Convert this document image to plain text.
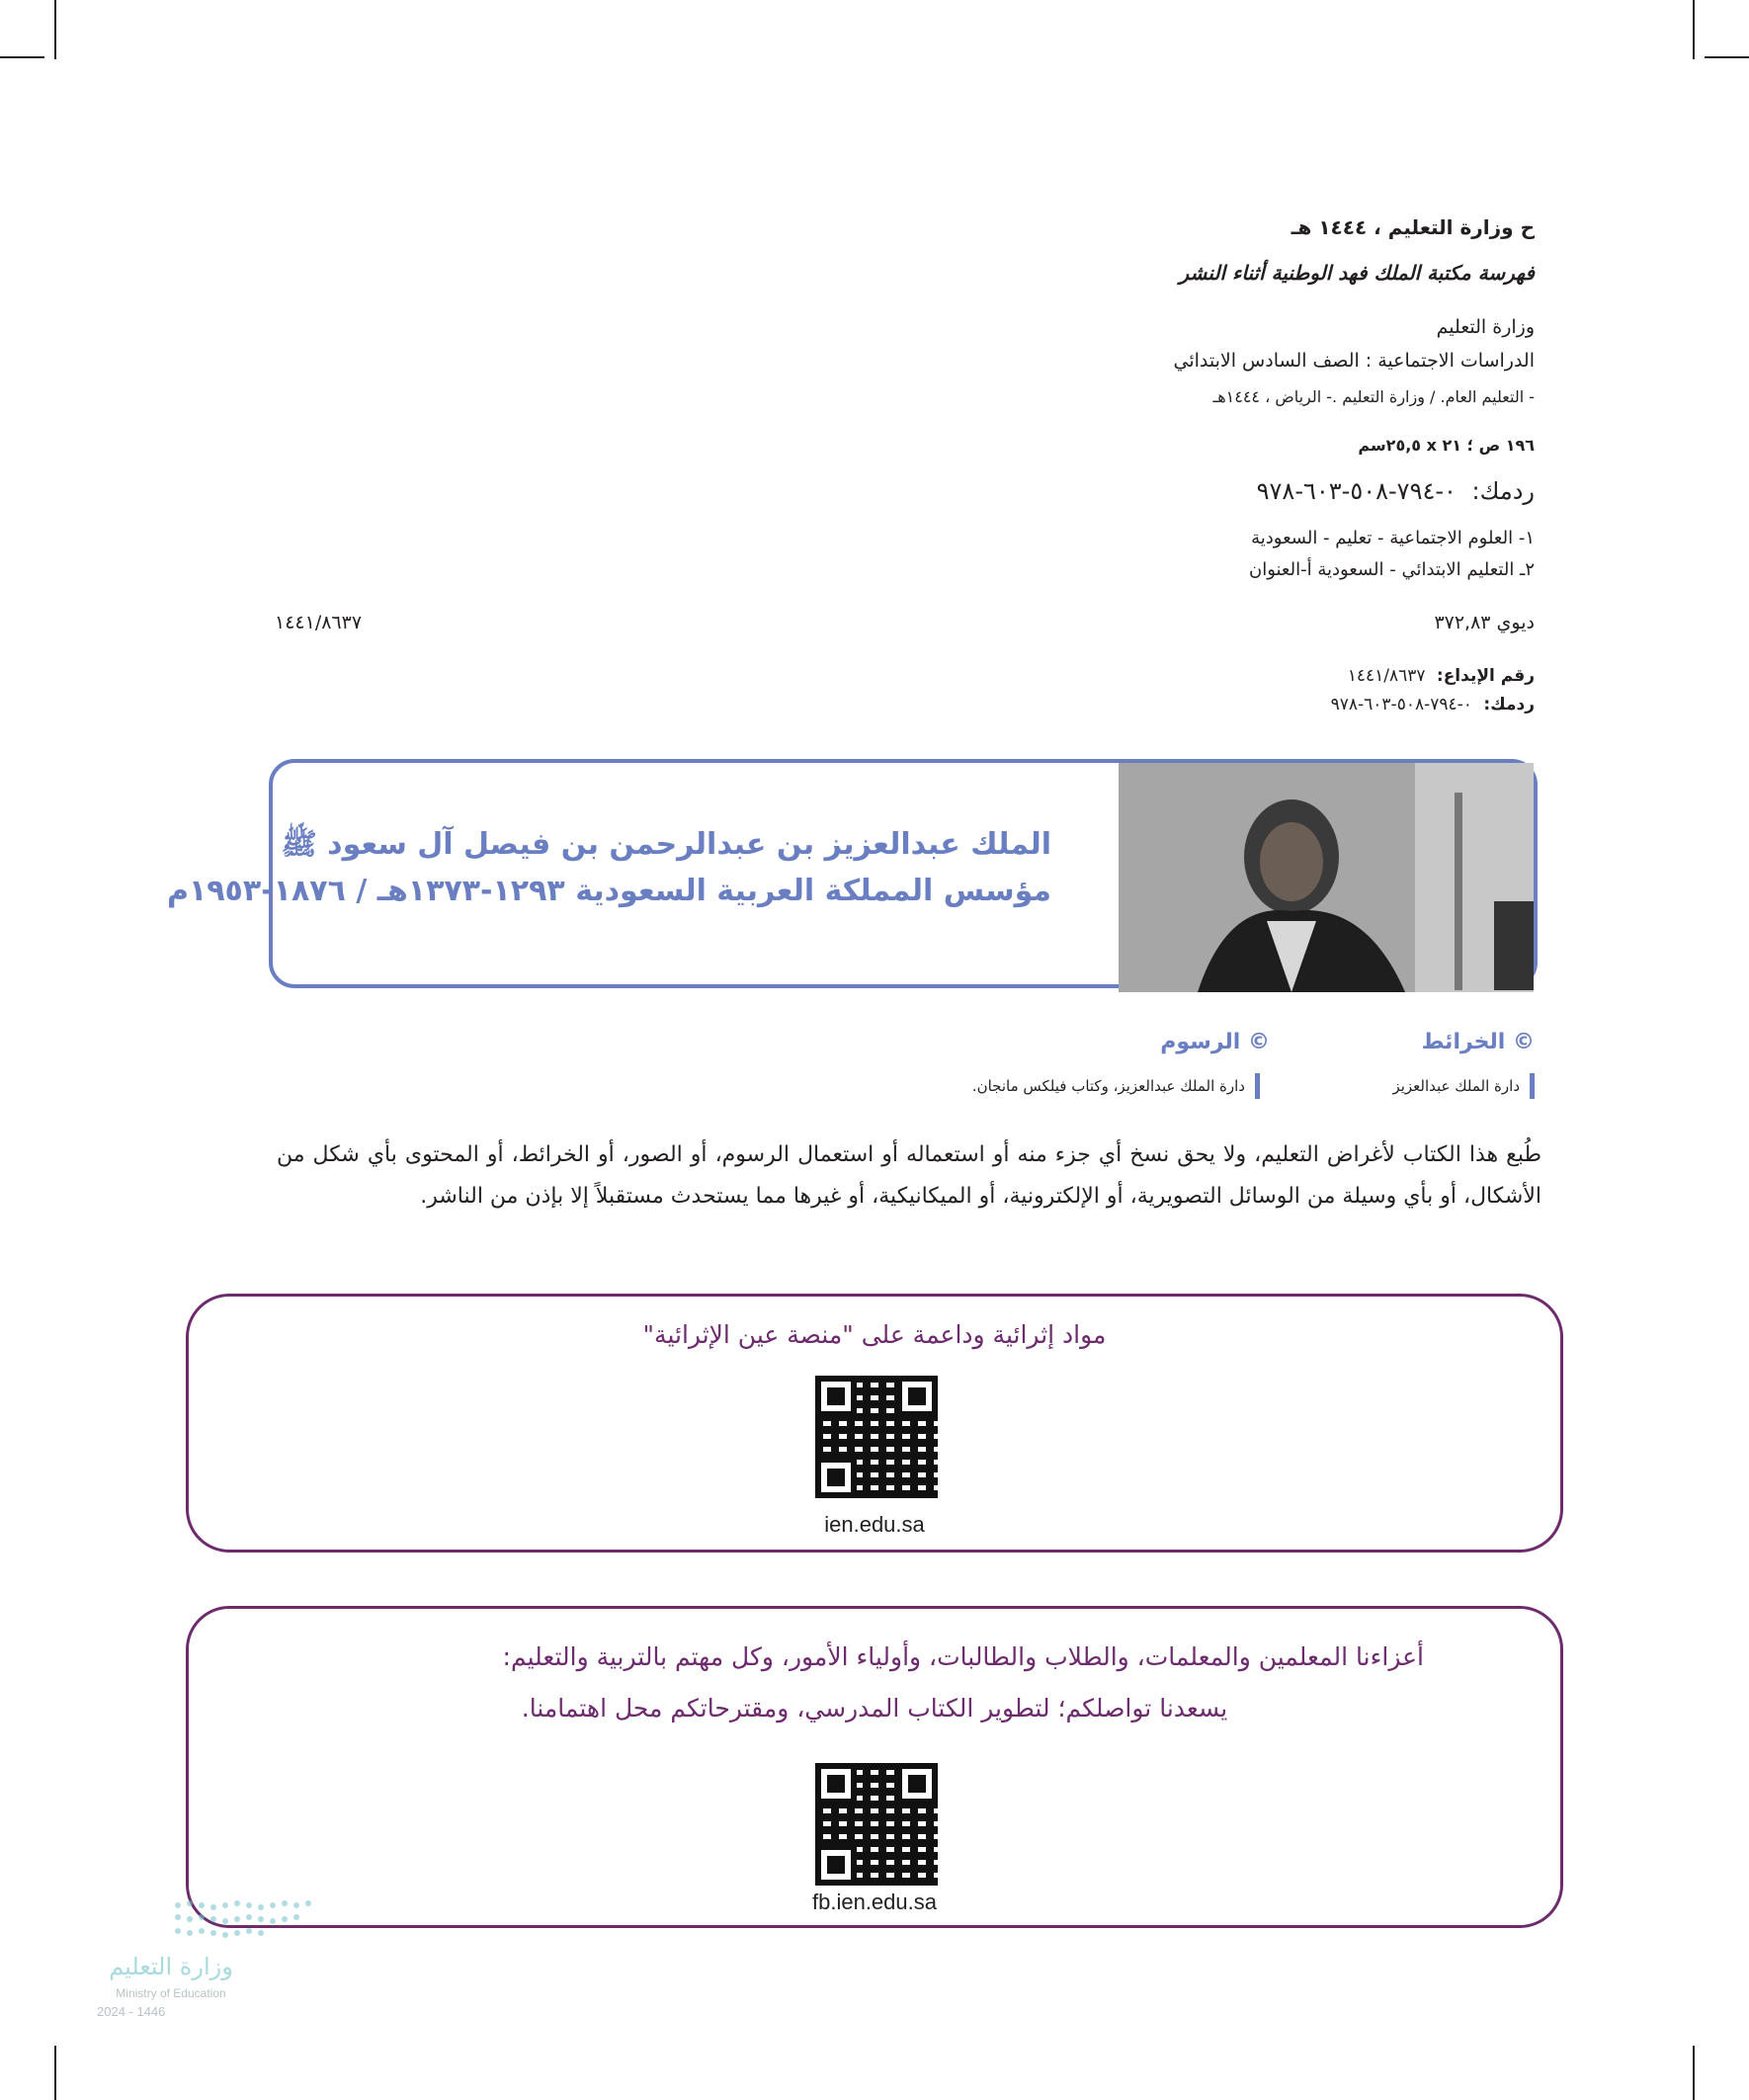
ح وزارة التعليم ، ١٤٤٤ هـ
فهرسة مكتبة الملك فهد الوطنية أثناء النشر
وزارة التعليم
الدراسات الاجتماعية : الصف السادس الابتدائي
- التعليم العام. / وزارة التعليم .- الرياض ، ١٤٤٤هـ
١٩٦ ص ؛ ٢١ x ٢٥,٥سم
ردمك: ٠-٧٩٤-٥٠٨-٦٠٣-٩٧٨
١- العلوم الاجتماعية - تعليم - السعودية
٢ـ التعليم الابتدائي - السعودية أ-العنوان
ديوي ٣٧٢,٨٣
١٤٤١/٨٦٣٧
رقم الإيداع: ١٤٤١/٨٦٣٧
ردمك: ٠-٧٩٤-٥٠٨-٦٠٣-٩٧٨
الملك عبدالعزيز بن عبدالرحمن بن فيصل آل سعود ﷺ
مؤسس المملكة العربية السعودية ١٢٩٣-١٣٧٣هـ / ١٨٧٦-١٩٥٣م
© الخرائط
دارة الملك عبدالعزيز
© الرسوم
دارة الملك عبدالعزيز، وكتاب فيلكس مانجان.
طُبع هذا الكتاب لأغراض التعليم، ولا يحق نسخ أي جزء منه أو استعماله أو استعمال الرسوم، أو الصور، أو الخرائط، أو المحتوى بأي شكل من الأشكال، أو بأي وسيلة من الوسائل التصويرية، أو الإلكترونية، أو الميكانيكية، أو غيرها مما يستحدث مستقبلاً إلا بإذن من الناشر.
مواد إثرائية وداعمة على "منصة عين الإثرائية"
ien.edu.sa
أعزاءنا المعلمين والمعلمات، والطلاب والطالبات، وأولياء الأمور، وكل مهتم بالتربية والتعليم:
يسعدنا تواصلكم؛ لتطوير الكتاب المدرسي، ومقترحاتكم محل اهتمامنا.
fb.ien.edu.sa
وزارة التعليم
Ministry of Education
2024 - 1446
